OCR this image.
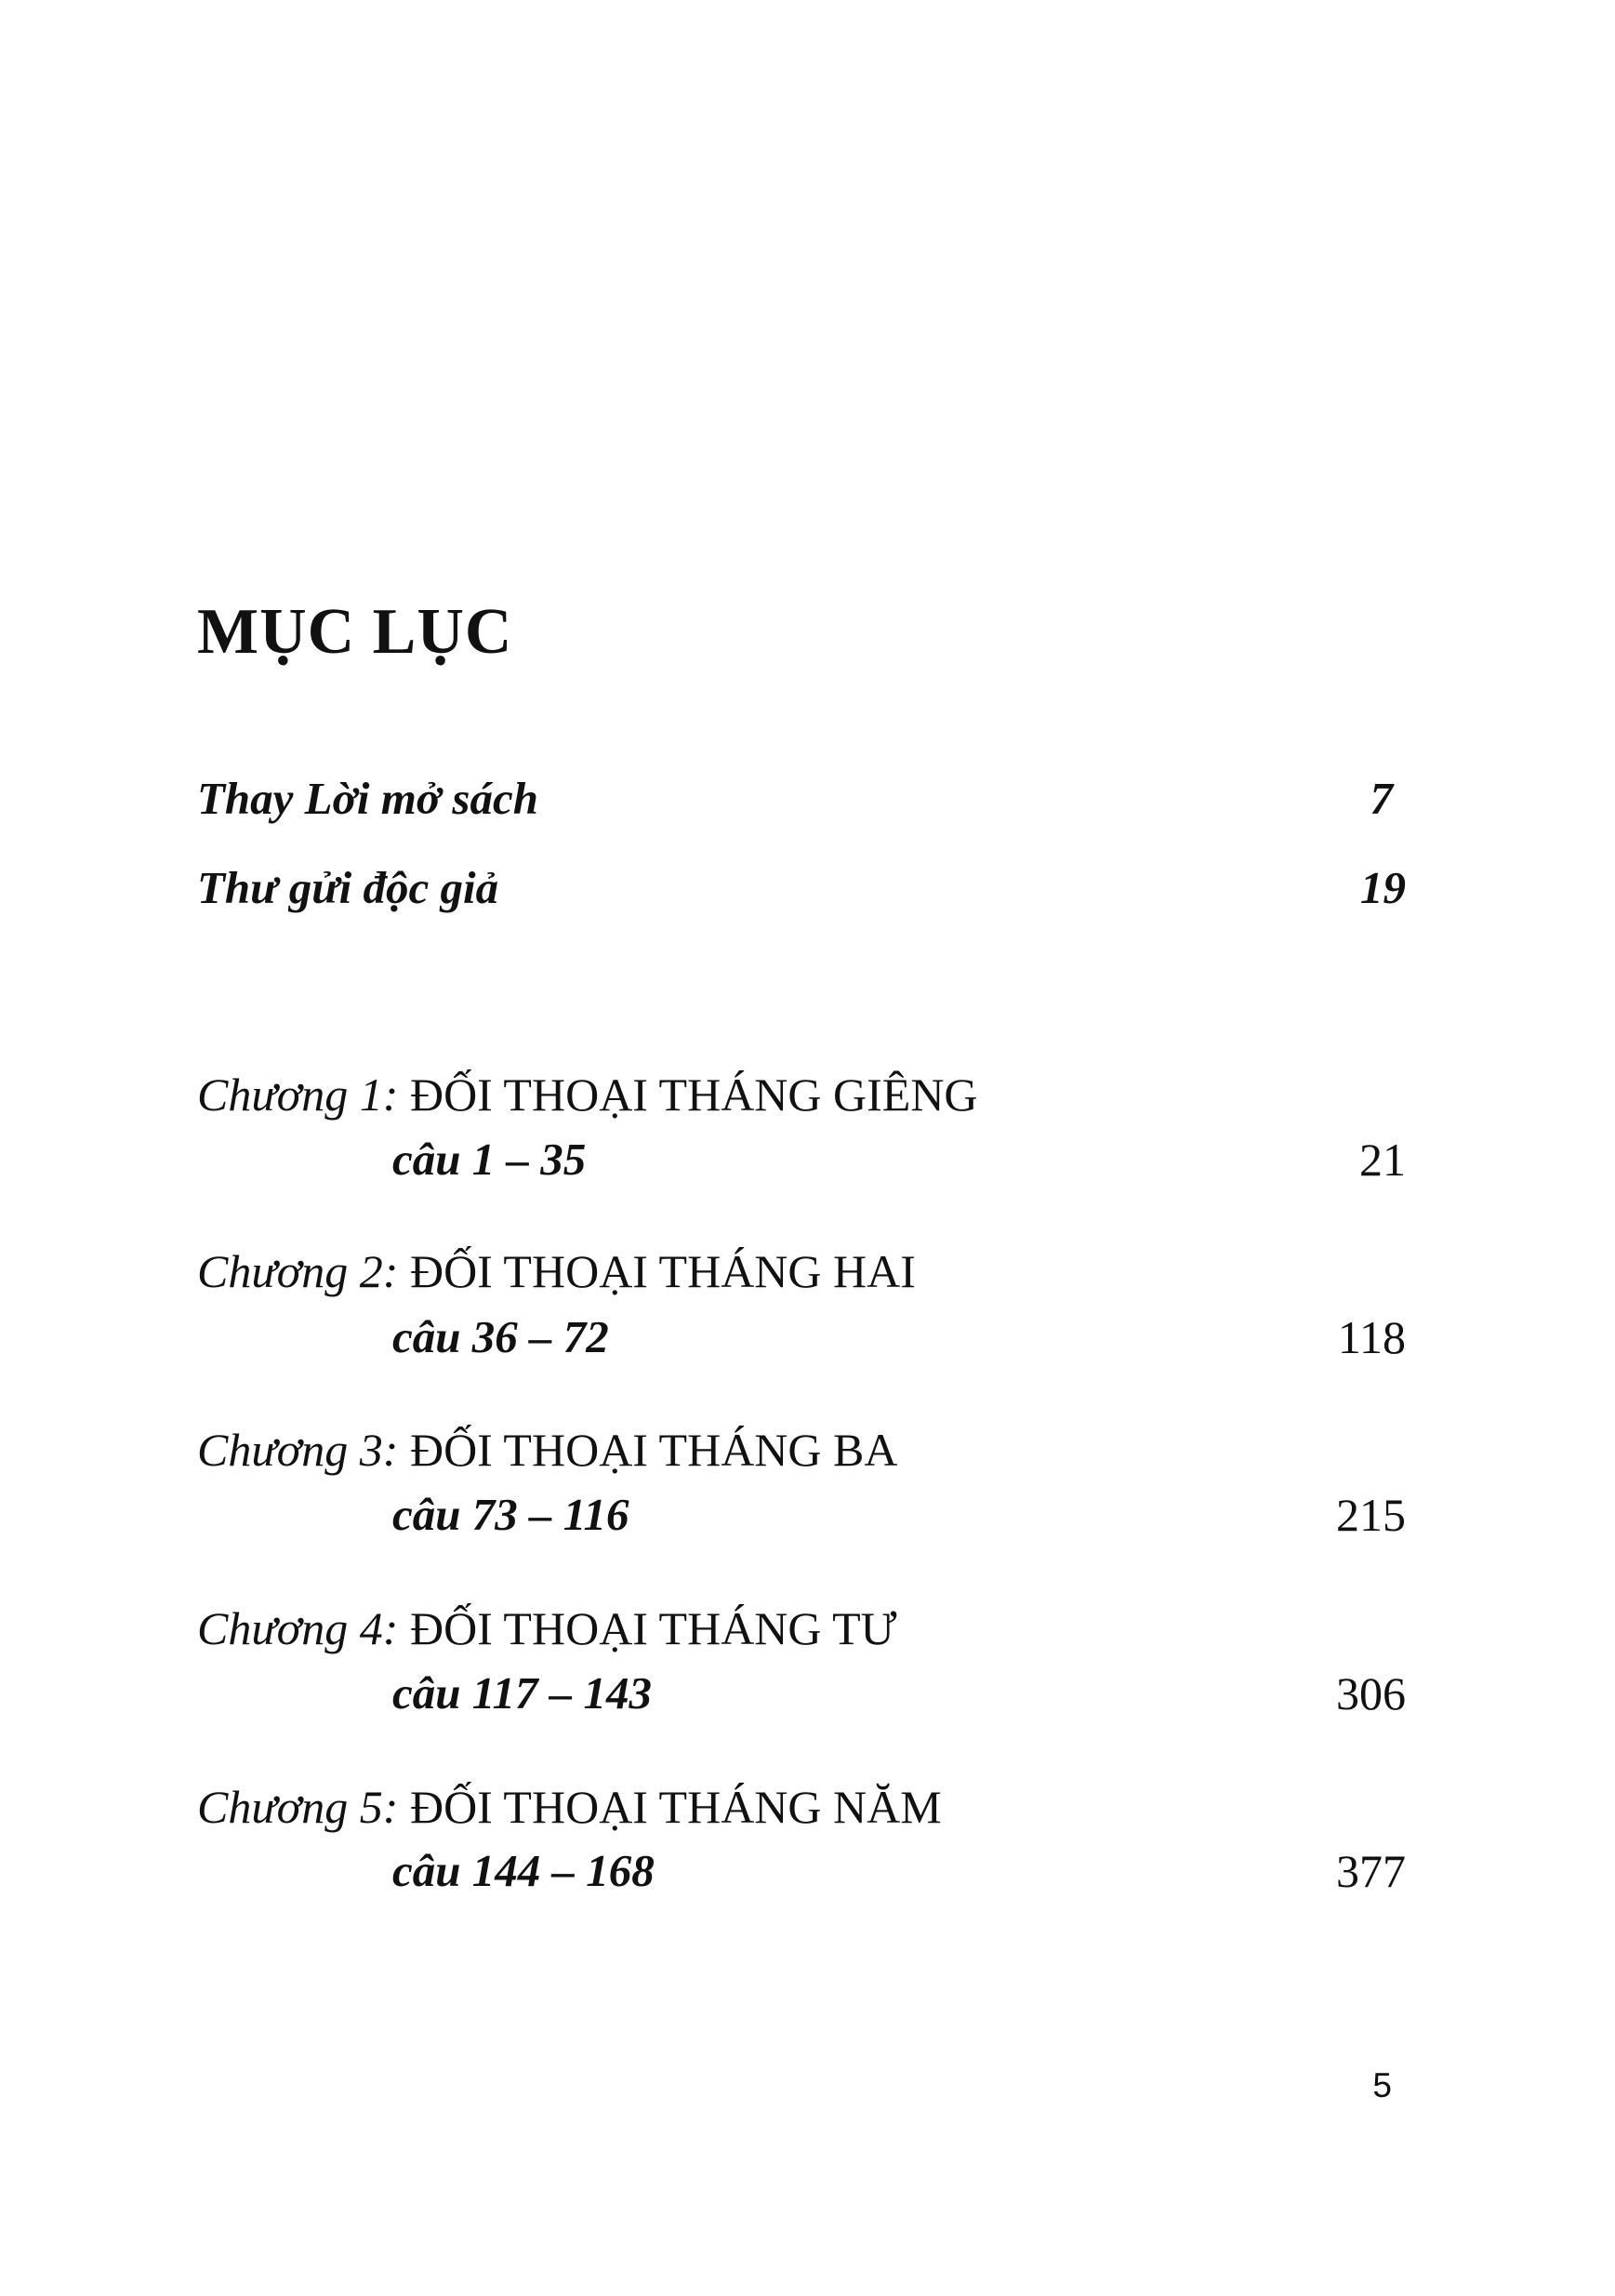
MỤC LỤC
Thay Lời mở sách	7
Thư gửi độc giả	19
Chương 1: ĐỐI THOẠI THÁNG GIÊNG
câu 1 – 35	21
Chương 2: ĐỐI THOẠI THÁNG HAI
câu 36 – 72	118
Chương 3: ĐỐI THOẠI THÁNG BA
câu 73 – 116	215
Chương 4: ĐỐI THOẠI THÁNG TƯ
câu 117 – 143	306
Chương 5: ĐỐI THOẠI THÁNG NĂM
câu 144 – 168	377
5
